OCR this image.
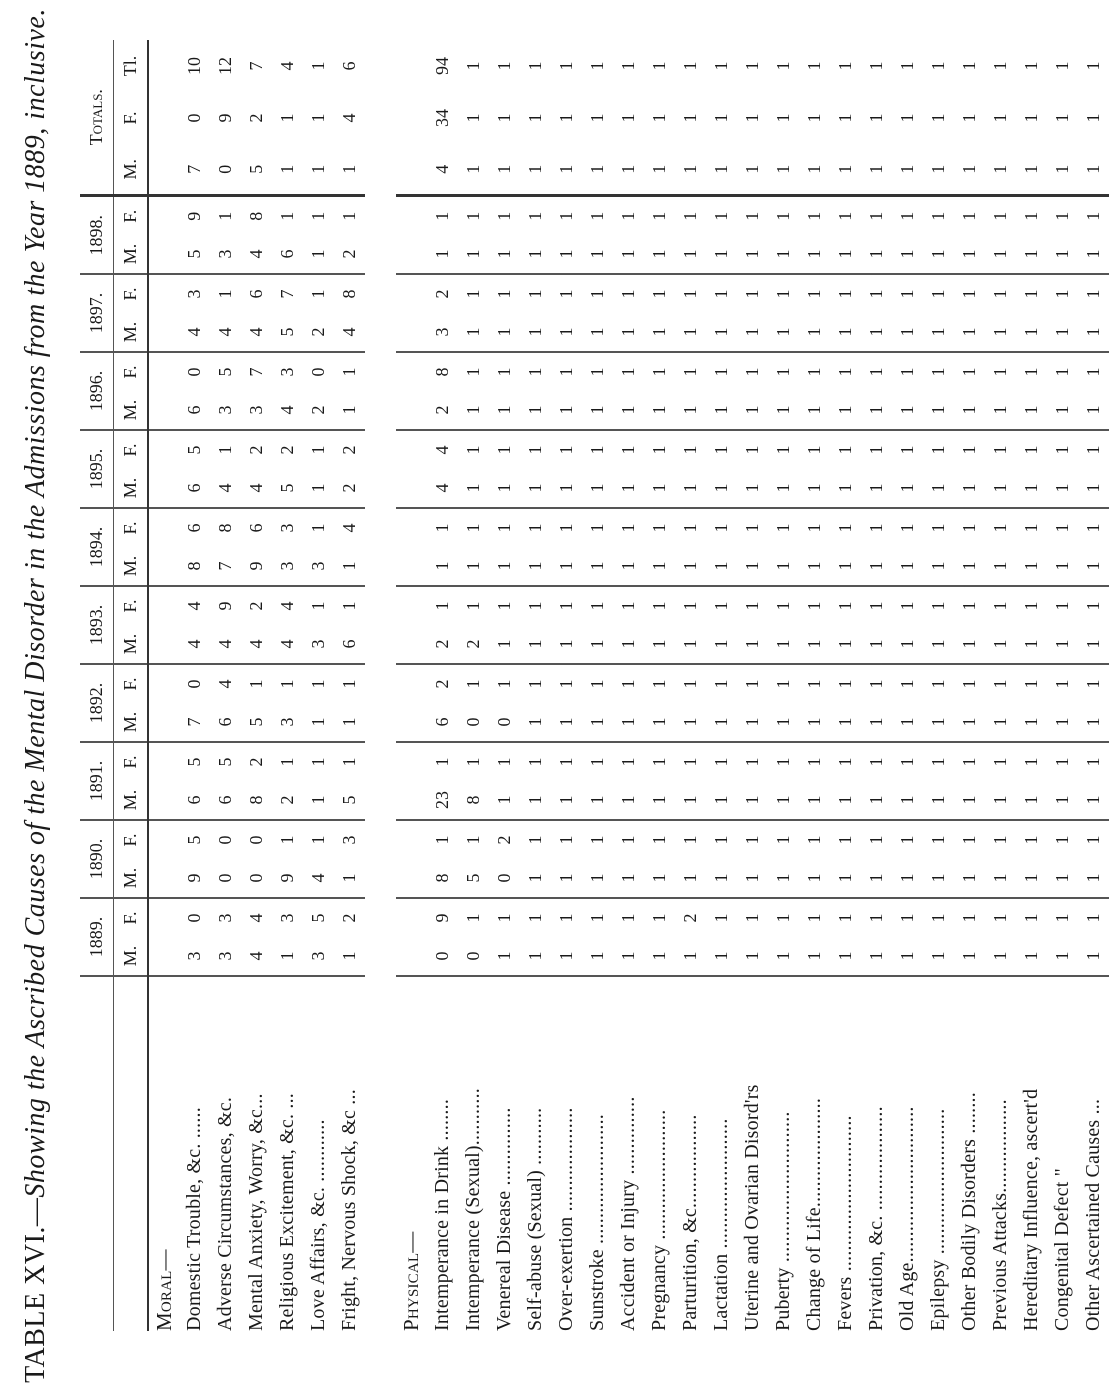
TABLE XVI.—Showing the Ascribed Causes of the Mental Disorder in the Admissions from the Year 1889, inclusive.
	1889.		1890.		1891.		1892.		1893.		1894.		1895.		1896.		1897.		1898.		Totals.		
	M.	F.	M.	F.	M.	F.	M.	F.	M.	F.	M.	F.	M.	F.	M.	F.	M.	F.	M.	F.	M.	F.	Tl.
Moral—																							
Domestic Trouble, &c. ......	3	0	9	5	6	5	7	0	4	4	8	6	6	5	6	0	4	3	5	9	7	0	10
Adverse Circumstances, &c.	3	3	0	0	6	5	6	4	4	9	7	8	4	1	3	5	4	1	3	1	0	9	12
Mental Anxiety, Worry, &c...	4	4	0	0	8	2	5	1	4	2	9	6	4	2	3	7	4	6	4	8	5	2	7
Religious Excitement, &c. ...	1	3	9	1	2	1	3	1	4	4	3	3	5	2	4	3	5	7	6	1	1	1	4
Love Affairs, &c. ............	3	5	4	1	1	1	1	1	3	1	3	1	1	1	2	0	2	1	1	1	1	1	1
Fright, Nervous Shock, &c ...	1	2	1	3	5	1	1	1	6	1	1	4	2	2	1	1	4	8	2	1	1	4	6

Physical—																							
Intemperance in Drink ........	0	9	8	1	23	1	6	2	2	1	1	1	4	4	2	8	3	2	1	1	4	34	94
Intemperance (Sexual)...........	0	1	5	1	8	1	0	1	2	1	1	1	1	1	1	1	1	1	1	1	1	1	1
Venereal Disease ...............	1	1	0	2	1	1	0	1	1	1	1	1	1	1	1	1	1	1	1	1	1	1	1
Self-abuse (Sexual) ...........	1	1	1	1	1	1	1	1	1	1	1	1	1	1	1	1	1	1	1	1	1	1	1
Over-exertion ....................	1	1	1	1	1	1	1	1	1	1	1	1	1	1	1	1	1	1	1	1	1	1	1
Sunstroke .........................	1	1	1	1	1	1	1	1	1	1	1	1	1	1	1	1	1	1	1	1	1	1	1
Accident or Injury ...............	1	1	1	1	1	1	1	1	1	1	1	1	1	1	1	1	1	1	1	1	1	1	1
Pregnancy .........................	1	1	1	1	1	1	1	1	1	1	1	1	1	1	1	1	1	1	1	1	1	1	1
Parturition, &c..................	1	2	1	1	1	1	1	1	1	1	1	1	1	1	1	1	1	1	1	1	1	1	1
Lactation .........................	1	1	1	1	1	1	1	1	1	1	1	1	1	1	1	1	1	1	1	1	1	1	1
Uterine and Ovarian Disord'rs	1	1	1	1	1	1	1	1	1	1	1	1	1	1	1	1	1	1	1	1	1	1	1
Puberty .............................	1	1	1	1	1	1	1	1	1	1	1	1	1	1	1	1	1	1	1	1	1	1	1
Change of Life.....................	1	1	1	1	1	1	1	1	1	1	1	1	1	1	1	1	1	1	1	1	1	1	1
Fevers ..............................	1	1	1	1	1	1	1	1	1	1	1	1	1	1	1	1	1	1	1	1	1	1	1
Privation, &c. ....................	1	1	1	1	1	1	1	1	1	1	1	1	1	1	1	1	1	1	1	1	1	1	1
Old Age..............................	1	1	1	1	1	1	1	1	1	1	1	1	1	1	1	1	1	1	1	1	1	1	1
Epilepsy ............................	1	1	1	1	1	1	1	1	1	1	1	1	1	1	1	1	1	1	1	1	1	1	1
Other Bodily Disorders ........	1	1	1	1	1	1	1	1	1	1	1	1	1	1	1	1	1	1	1	1	1	1	1
Previous Attacks..................	1	1	1	1	1	1	1	1	1	1	1	1	1	1	1	1	1	1	1	1	1	1	1
Hereditary Influence, ascert'd	1	1	1	1	1	1	1	1	1	1	1	1	1	1	1	1	1	1	1	1	1	1	1
Congenital Defect "	1	1	1	1	1	1	1	1	1	1	1	1	1	1	1	1	1	1	1	1	1	1	1
Other Ascertained Causes ...	1	1	1	1	1	1	1	1	1	1	1	1	1	1	1	1	1	1	1	1	1	1	1
